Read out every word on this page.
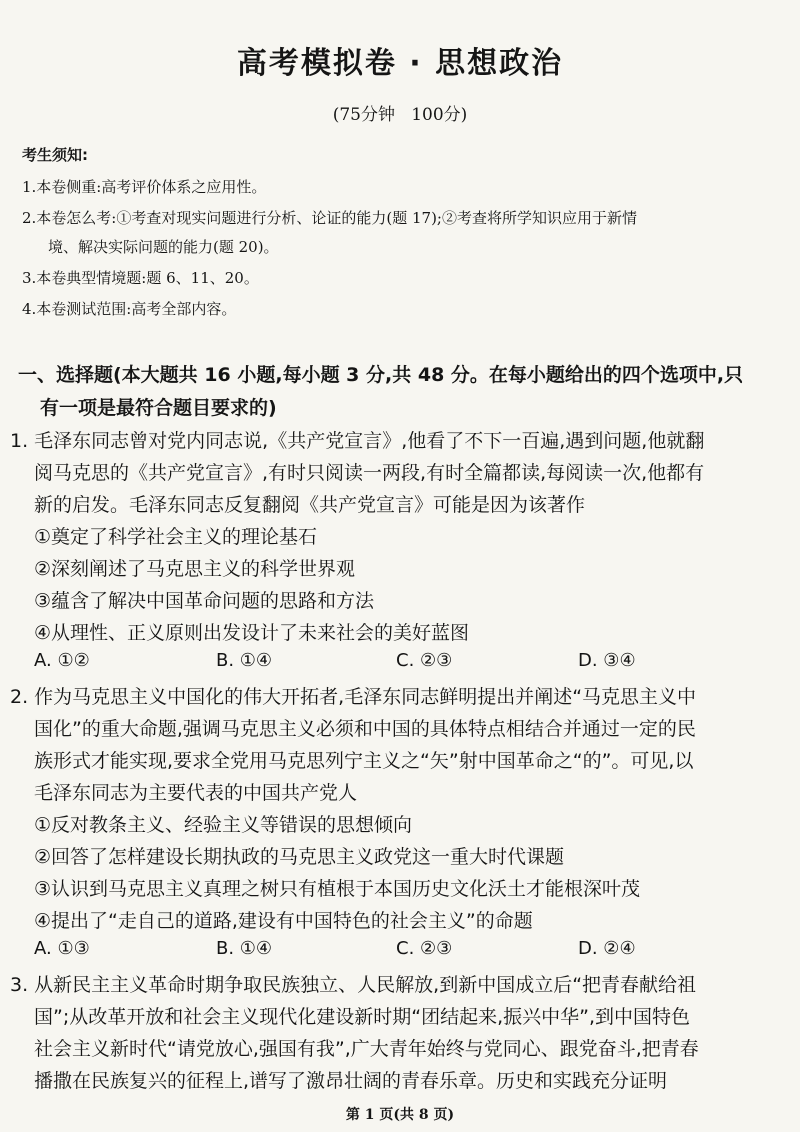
高考模拟卷 · 思想政治
(75分钟   100分)
考生须知:
1.本卷侧重:高考评价体系之应用性。
2.本卷怎么考:①考查对现实问题进行分析、论证的能力(题 17);②考查将所学知识应用于新情
境、解决实际问题的能力(题 20)。
3.本卷典型情境题:题 6、11、20。
4.本卷测试范围:高考全部内容。
一、选择题(本大题共 16 小题,每小题 3 分,共 48 分。在每小题给出的四个选项中,只
有一项是最符合题目要求的)
1. 毛泽东同志曾对党内同志说,《共产党宣言》,他看了不下一百遍,遇到问题,他就翻
阅马克思的《共产党宣言》,有时只阅读一两段,有时全篇都读,每阅读一次,他都有
新的启发。毛泽东同志反复翻阅《共产党宣言》可能是因为该著作
①奠定了科学社会主义的理论基石
②深刻阐述了马克思主义的科学世界观
③蕴含了解决中国革命问题的思路和方法
④从理性、正义原则出发设计了未来社会的美好蓝图
A. ①②	B. ①④	C. ②③	D. ③④
2. 作为马克思主义中国化的伟大开拓者,毛泽东同志鲜明提出并阐述“马克思主义中
国化”的重大命题,强调马克思主义必须和中国的具体特点相结合并通过一定的民
族形式才能实现,要求全党用马克思列宁主义之“矢”射中国革命之“的”。可见,以
毛泽东同志为主要代表的中国共产党人
①反对教条主义、经验主义等错误的思想倾向
②回答了怎样建设长期执政的马克思主义政党这一重大时代课题
③认识到马克思主义真理之树只有植根于本国历史文化沃土才能根深叶茂
④提出了“走自己的道路,建设有中国特色的社会主义”的命题
A. ①③	B. ①④	C. ②③	D. ②④
3. 从新民主主义革命时期争取民族独立、人民解放,到新中国成立后“把青春献给祖
国”;从改革开放和社会主义现代化建设新时期“团结起来,振兴中华”,到中国特色
社会主义新时代“请党放心,强国有我”,广大青年始终与党同心、跟党奋斗,把青春
播撒在民族复兴的征程上,谱写了激昂壮阔的青春乐章。历史和实践充分证明
第 1 页(共 8 页)
